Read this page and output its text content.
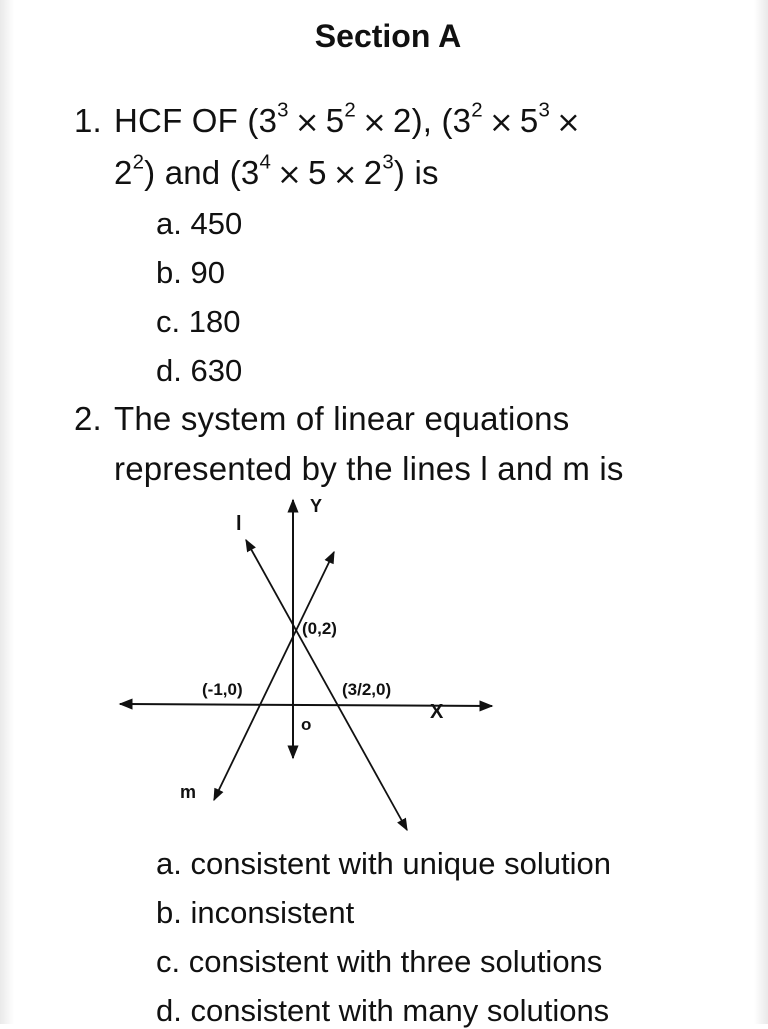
Section A
1. HCF OF $(3^3 \times 5^2 \times 2)$, ($3^2 \times 5^3$ ×
$2^2$) and $(3^4 \times 5 \times 2^3)$ is
a. 450
b. 90
c. 180
d. 630
2. The system of linear equations
represented by the lines l and m is
X
Y
o
l
m
(0,2)
(-1,0)	(3/2,0)
a. consistent with unique solution
b. inconsistent
c. consistent with three solutions
d. consistent with many solutions
